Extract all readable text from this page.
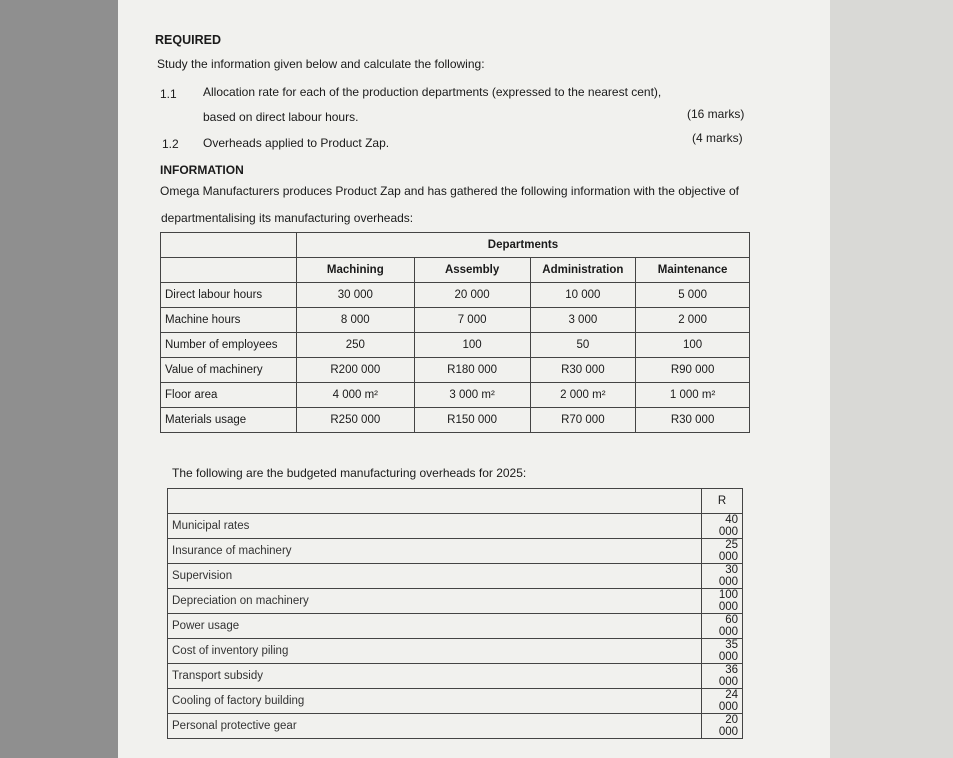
REQUIRED
Study the information given below and calculate the following:
1.1 Allocation rate for each of the production departments (expressed to the nearest cent),
based on direct labour hours.	(16 marks)
1.2 Overheads applied to Product Zap.	(4 marks)
INFORMATION
Omega Manufacturers produces Product Zap and has gathered the following information with the objective of
departmentalising its manufacturing overheads:
	Departments			
	Machining	Assembly	Administration	Maintenance
Direct labour hours	30 000	20 000	10 000	5 000
Machine hours	8 000	7 000	3 000	2 000
Number of employees	250	100	50	100
Value of machinery	R200 000	R180 000	R30 000	R90 000
Floor area	4 000 m²	3 000 m²	2 000 m²	1 000 m²
Materials usage	R250 000	R150 000	R70 000	R30 000
The following are the budgeted manufacturing overheads for 2025:
	R
Municipal rates	40 000
Insurance of machinery	25 000
Supervision	30 000
Depreciation on machinery	100 000
Power usage	60 000
Cost of inventory piling	35 000
Transport subsidy	36 000
Cooling of factory building	24 000
Personal protective gear	20 000
